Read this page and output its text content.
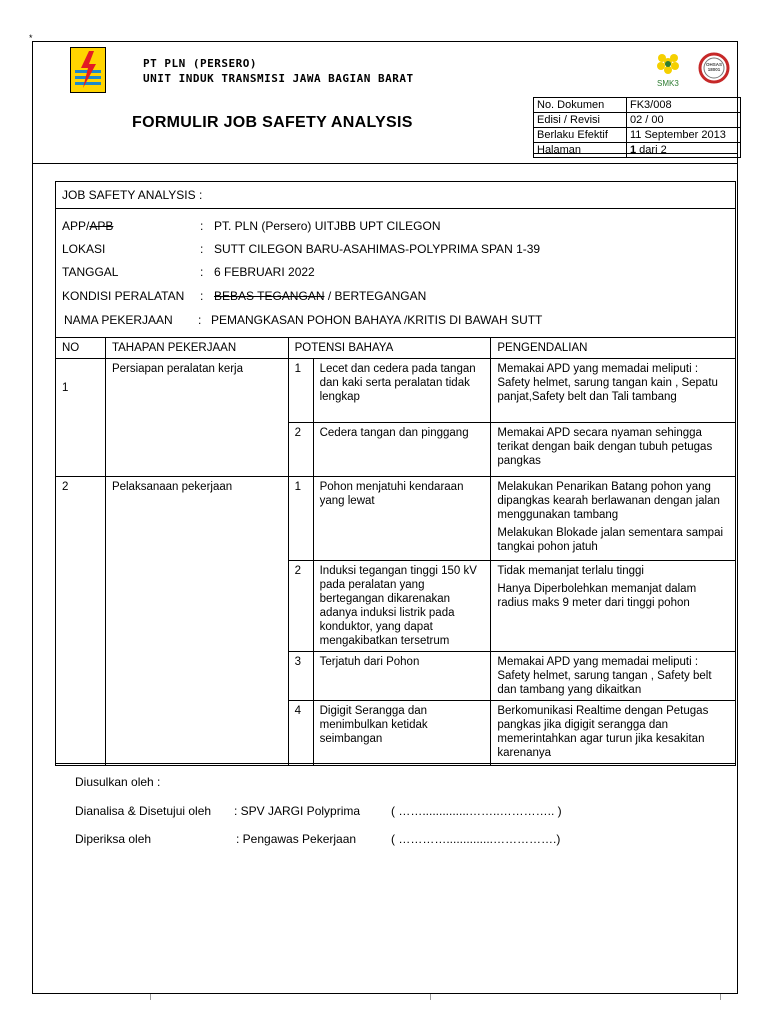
*
PT PLN (PERSERO)
UNIT INDUK TRANSMISI JAWA BAGIAN BARAT	SMK3
OHSAS 18001
FORMULIR JOB SAFETY ANALYSIS
No. Dokumen	FK3/008
Edisi / Revisi	02 / 00
Berlaku Efektif	11 September 2013
Halaman	1 dari 2
JOB SAFETY ANALYSIS :
APP/APB	: PT. PLN (Persero) UITJBB UPT CILEGON
LOKASI	: SUTT CILEGON BARU-ASAHIMAS-POLYPRIMA SPAN 1-39
TANGGAL	: 6 FEBRUARI 2022
KONDISI PERALATAN : BEBAS TEGANGAN / BERTEGANGAN
NAMA PEKERJAAN : PEMANGKASAN POHON BAHAYA /KRITIS DI BAWAH SUTT
NO	TAHAPAN PEKERJAAN	POTENSI BAHAYA		PENGENDALIAN
1	Persiapan peralatan kerja	1	Lecet dan cedera pada tangan dan kaki serta peralatan tidak lengkap	Memakai APD yang memadai meliputi : Safety helmet, sarung tangan kain , Sepatu panjat,Safety belt dan Tali tambang
		2	Cedera tangan dan pinggang	Memakai APD secara nyaman sehingga terikat dengan baik dengan tubuh petugas pangkas
2	Pelaksanaan pekerjaan	1	Pohon menjatuhi kendaraan yang lewat	Melakukan Penarikan Batang pohon yang dipangkas kearah berlawanan dengan jalan menggunakan tambang
Melakukan Blokade jalan sementara sampai tangkai pohon jatuh

		2	Induksi tegangan tinggi 150 kV pada peralatan yang bertegangan dikarenakan adanya induksi listrik pada konduktor, yang dapat mengakibatkan tersetrum	Tidak memanjat terlalu tinggi
Hanya Diperbolehkan memanjat dalam radius maks 9 meter dari tinggi pohon

		3	Terjatuh dari Pohon	Memakai APD yang memadai meliputi : Safety helmet, sarung tangan , Safety belt dan tambang yang dikaitkan
		4	Digigit Serangga dan menimbulkan ketidak seimbangan	Berkomunikasi Realtime dengan Petugas pangkas jika digigit serangga dan memerintahkan agar turun jika kesakitan karenanya
Diusulkan oleh :
Dianalisa & Disetujui oleh : SPV JARGI Polyprima	( ……..............……..………….. )
Diperiksa oleh	: Pengawas Pekerjaan	( …………..............…………….)
